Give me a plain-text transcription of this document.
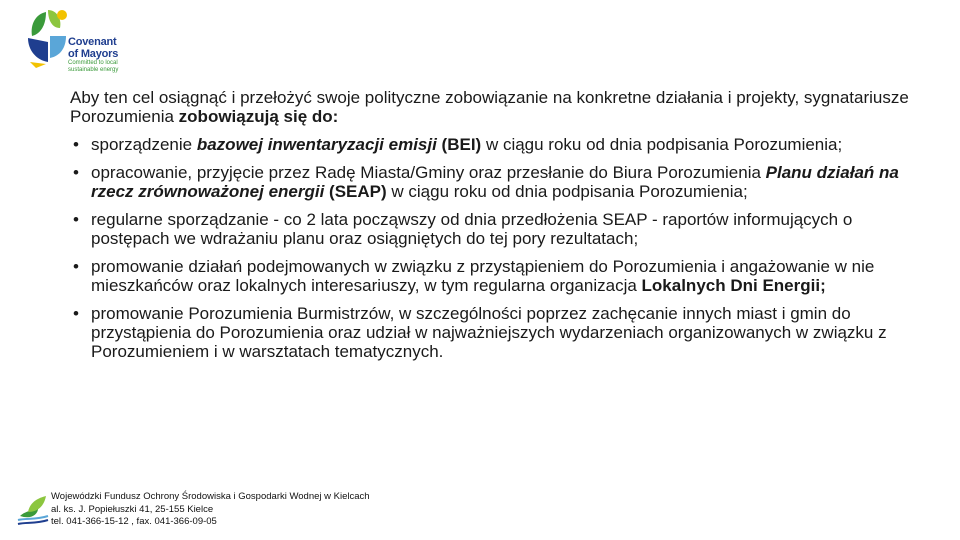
Covenant
of Mayors
Committed to local
sustainable energy

Aby ten cel osiągnąć i przełożyć swoje polityczne zobowiązanie na konkretne działania i projekty, sygnatariusze Porozumienia zobowiązują się do:

• sporządzenie bazowej inwentaryzacji emisji (BEI) w ciągu roku od dnia podpisania Porozumienia;
• opracowanie, przyjęcie przez Radę Miasta/Gminy oraz przesłanie do Biura Porozumienia Planu działań na rzecz zrównoważonej energii (SEAP) w ciągu roku od dnia podpisania Porozumienia;
• regularne sporządzanie - co 2 lata począwszy od dnia przedłożenia SEAP - raportów informujących o postępach we wdrażaniu planu oraz osiągniętych do tej pory rezultatach;
• promowanie działań podejmowanych w związku z przystąpieniem do Porozumienia i angażowanie w nie mieszkańców oraz lokalnych interesariuszy, w tym regularna organizacja Lokalnych Dni Energii;
• promowanie Porozumienia Burmistrzów, w szczególności poprzez zachęcanie innych miast i gmin do przystąpienia do Porozumienia oraz udział w najważniejszych wydarzeniach organizowanych w związku z Porozumieniem i w warsztatach tematycznych.
Wojewódzki Fundusz Ochrony Środowiska i Gospodarki Wodnej w Kielcach
al. ks. J. Popiełuszki 41, 25-155 Kielce
tel. 041-366-15-12 , fax. 041-366-09-05
